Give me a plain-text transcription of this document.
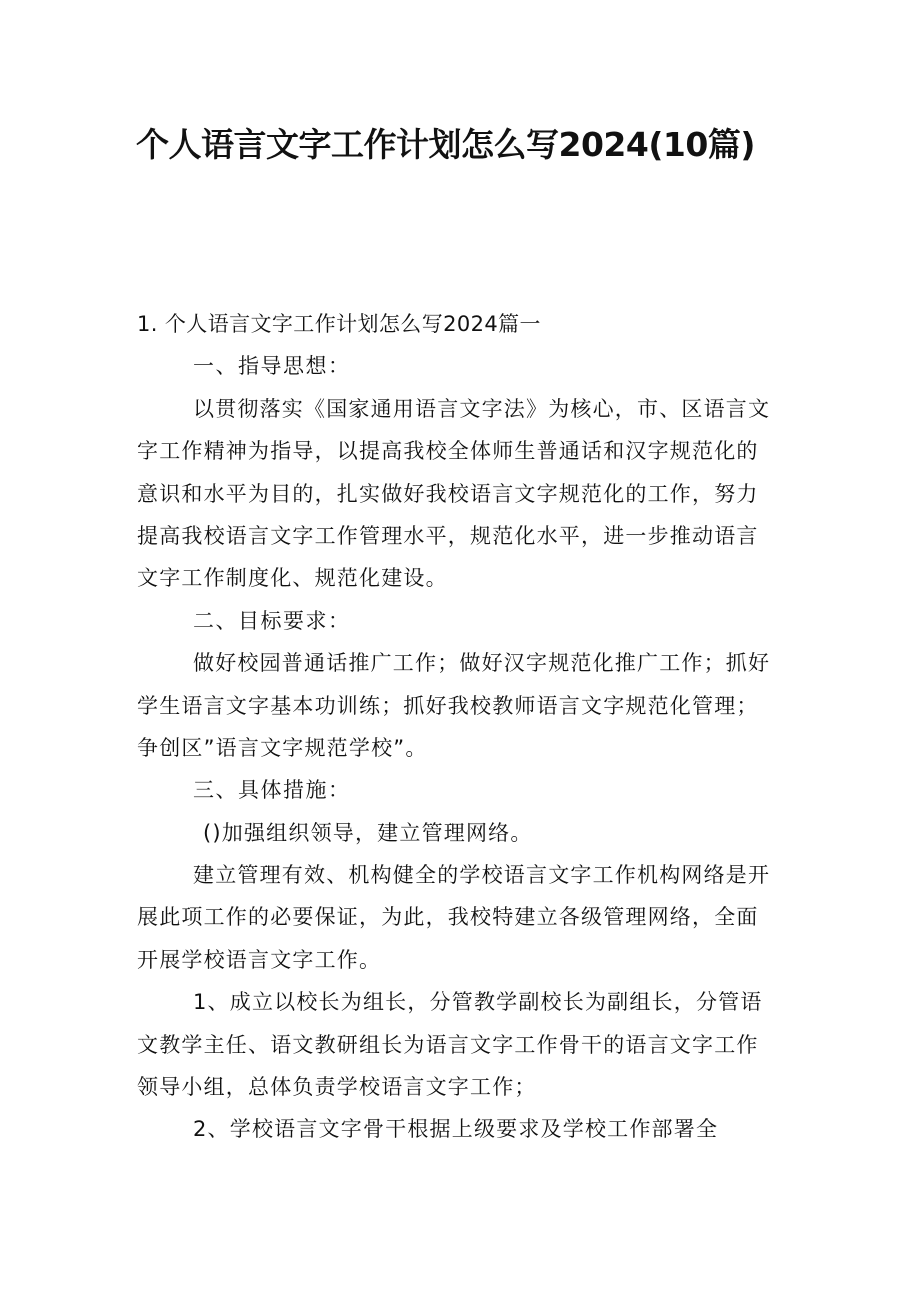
个人语言文字工作计划怎么写2024(10篇)

1. 个人语言文字工作计划怎么写2024篇一

一、指导思想：

以贯彻落实《国家通用语言文字法》为核心，市、区语言文

字工作精神为指导，以提高我校全体师生普通话和汉字规范化的

意识和水平为目的，扎实做好我校语言文字规范化的工作，努力

提高我校语言文字工作管理水平，规范化水平，进一步推动语言

文字工作制度化、规范化建设。

二、目标要求：

做好校园普通话推广工作；做好汉字规范化推广工作；抓好

学生语言文字基本功训练；抓好我校教师语言文字规范化管理；

争创区”语言文字规范学校”。

三、具体措施：

()加强组织领导，建立管理网络。

建立管理有效、机构健全的学校语言文字工作机构网络是开

展此项工作的必要保证，为此，我校特建立各级管理网络，全面

开展学校语言文字工作。

1、成立以校长为组长，分管教学副校长为副组长，分管语

文教学主任、语文教研组长为语言文字工作骨干的语言文字工作

领导小组，总体负责学校语言文字工作；

2、学校语言文字骨干根据上级要求及学校工作部署全
